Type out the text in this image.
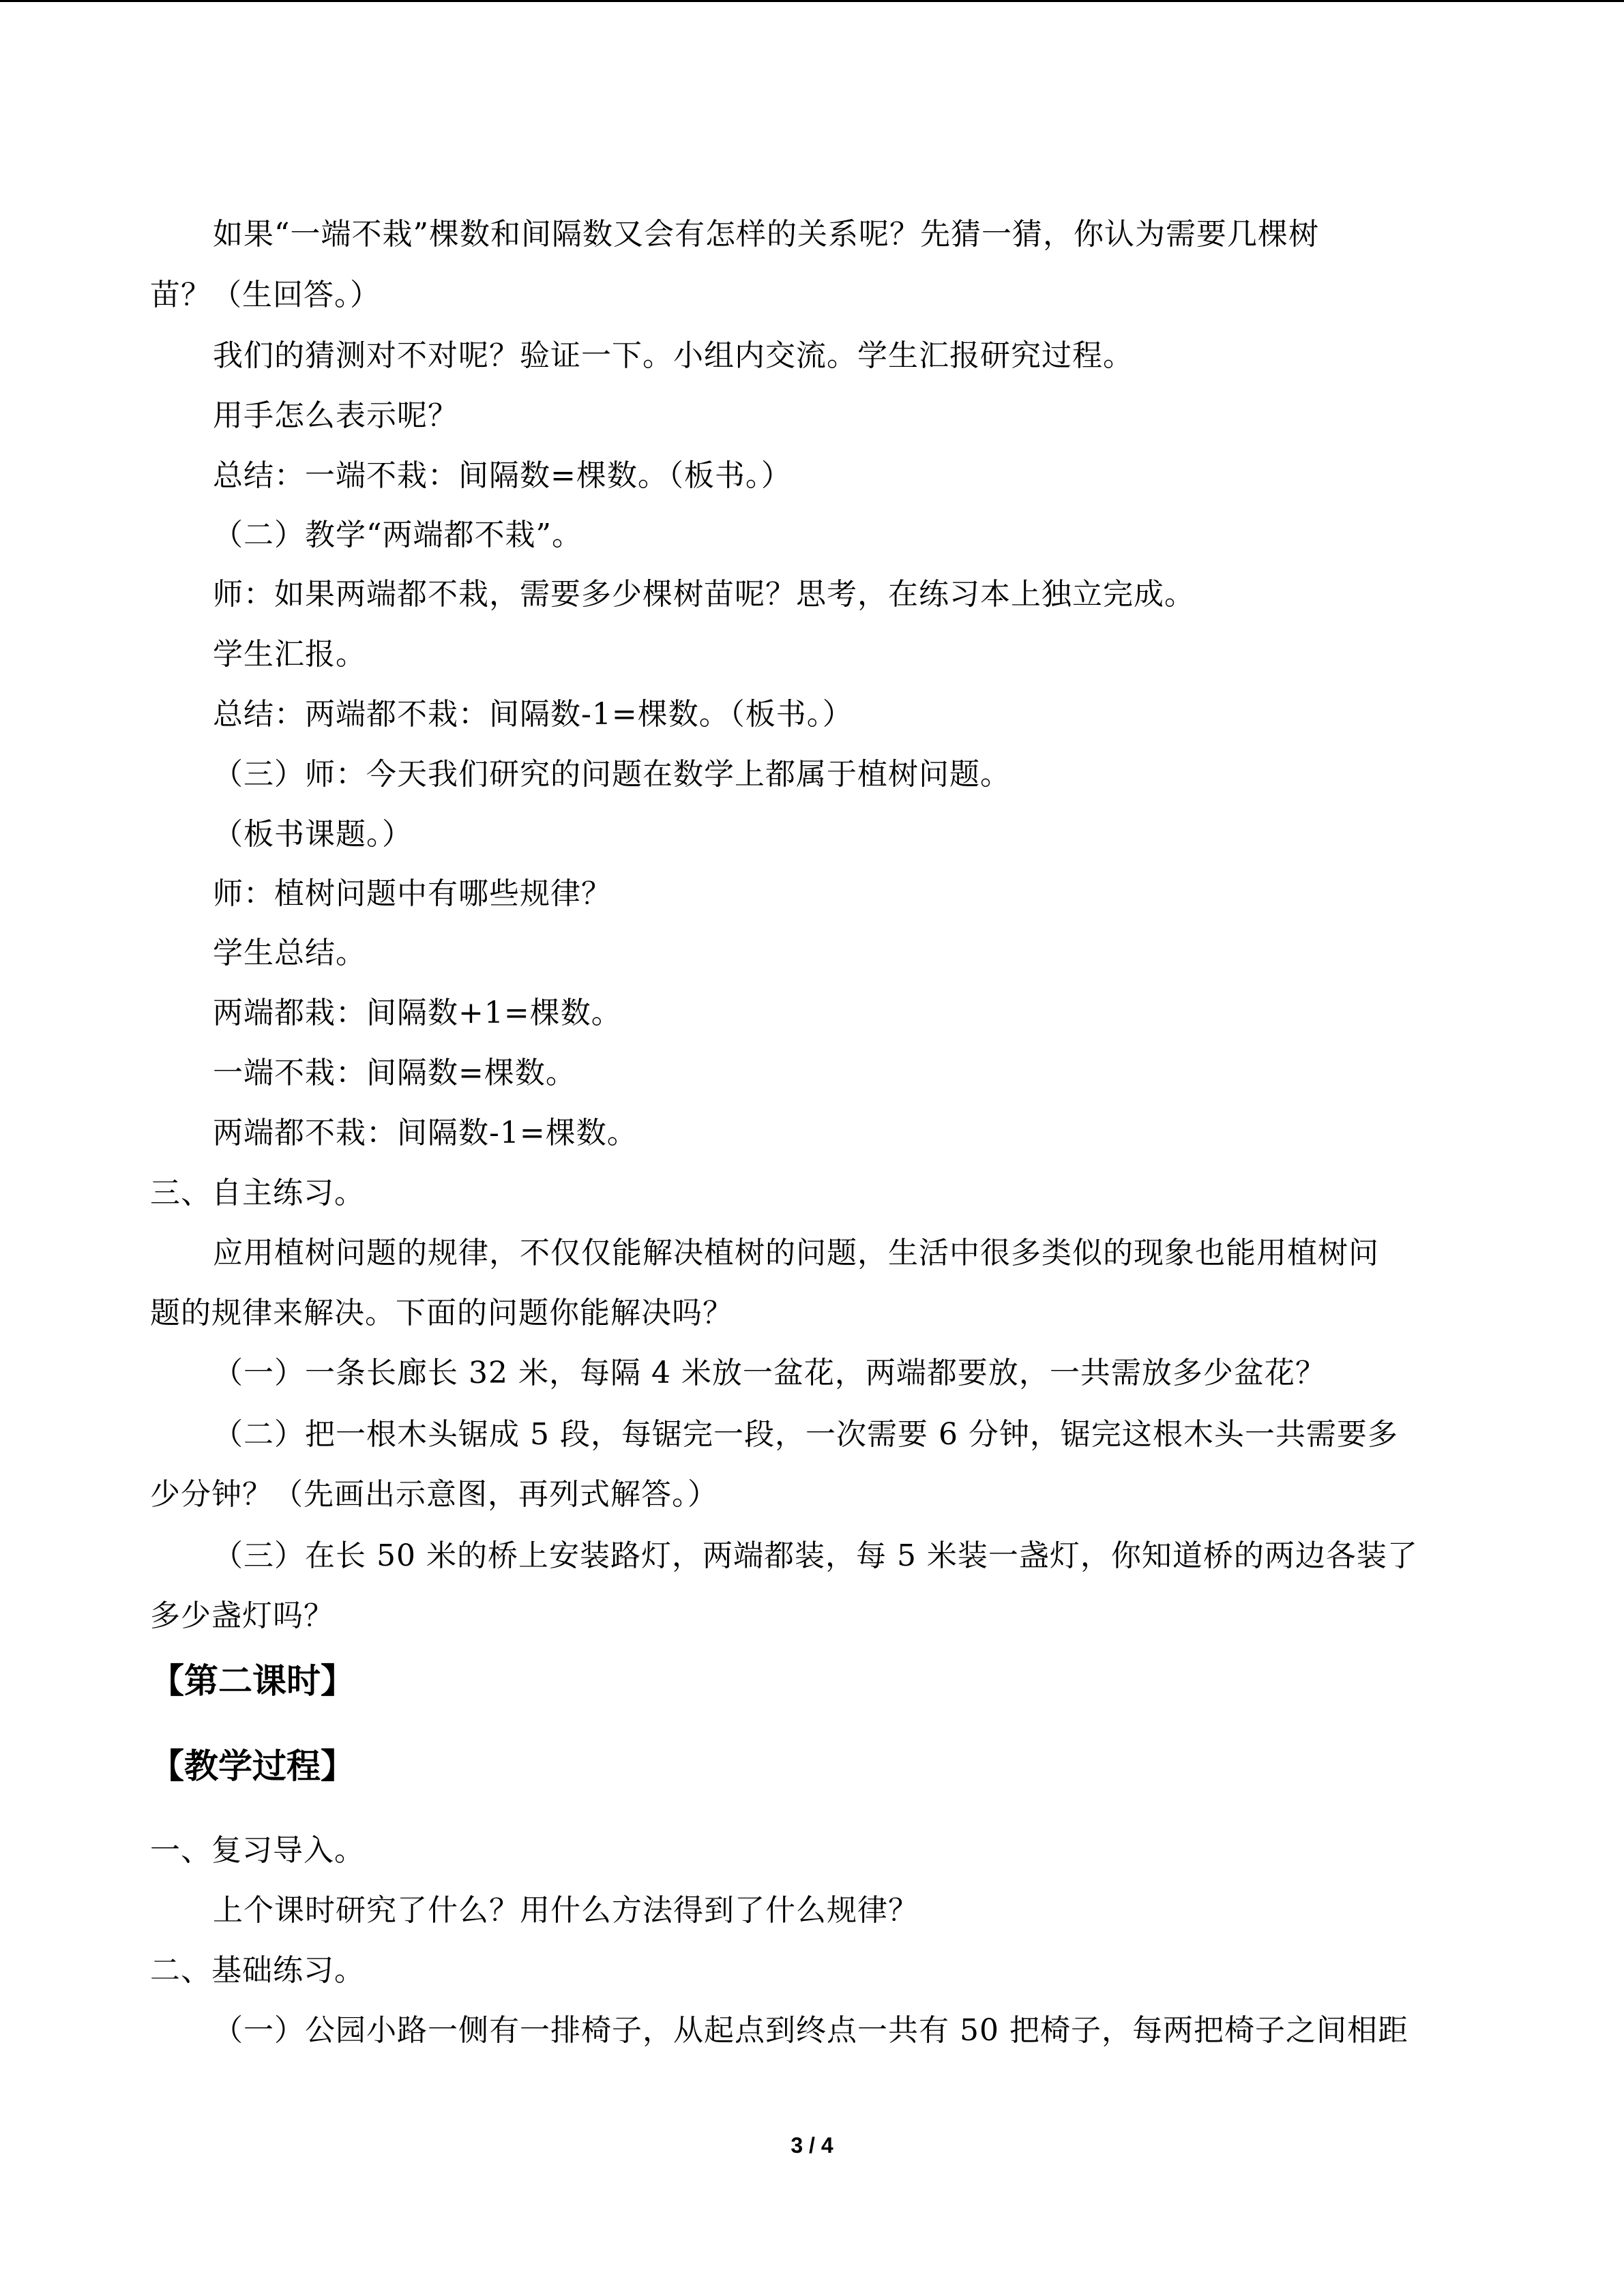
如果“一端不栽”棵数和间隔数又会有怎样的关系呢？先猜一猜，你认为需要几棵树
苗？（生回答。）
我们的猜测对不对呢？验证一下。小组内交流。学生汇报研究过程。
用手怎么表示呢？
总结：一端不栽：间隔数=棵数。（板书。）
（二）教学“两端都不栽”。
师：如果两端都不栽，需要多少棵树苗呢？思考，在练习本上独立完成。
学生汇报。
总结：两端都不栽：间隔数-1=棵数。（板书。）
（三）师：今天我们研究的问题在数学上都属于植树问题。
（板书课题。）
师：植树问题中有哪些规律？
学生总结。
两端都栽：间隔数+1=棵数。
一端不栽：间隔数=棵数。
两端都不栽：间隔数-1=棵数。
三、自主练习。
应用植树问题的规律，不仅仅能解决植树的问题，生活中很多类似的现象也能用植树问
题的规律来解决。下面的问题你能解决吗？
（一）一条长廊长 32 米，每隔 4 米放一盆花，两端都要放，一共需放多少盆花？
（二）把一根木头锯成 5 段，每锯完一段，一次需要 6 分钟，锯完这根木头一共需要多
少分钟？（先画出示意图，再列式解答。）
（三）在长 50 米的桥上安装路灯，两端都装，每 5 米装一盏灯，你知道桥的两边各装了
多少盏灯吗？
【第二课时】
【教学过程】
一、复习导入。
上个课时研究了什么？用什么方法得到了什么规律？
二、基础练习。
（一）公园小路一侧有一排椅子，从起点到终点一共有 50 把椅子，每两把椅子之间相距
3 / 4
